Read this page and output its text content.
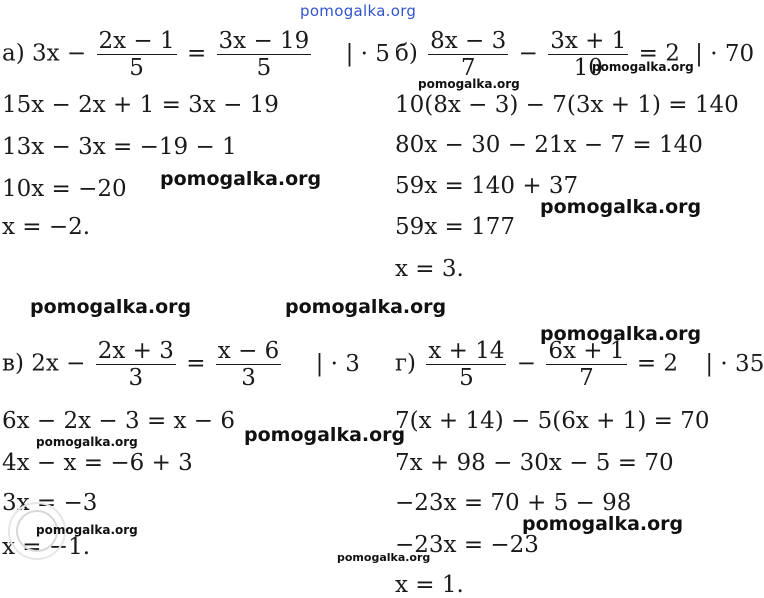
pomogalka.org
а) $3x - \frac{2x - 1}{5} = \frac{3x - 19}{5}$ | · 5
15x − 2x + 1 = 3x − 19
13x − 3x = −19 − 1
10x = −20
x = −2.
$б) \frac{8x - 3}{7} - \frac{3x + 1}{10} = 2$ | · 70
10(8x − 3) − 7(3x + 1) = 140
80x − 30 − 21x − 7 = 140
59x = 140 + 37
59x = 177
x = 3.
в) $2x - \frac{2x + 3}{3} = \frac{x - 6}{3}$ | · 3
6x − 2x − 3 = x − 6
4x − x = −6 + 3
3x = −3
x = −1.
$г) \frac{x + 14}{5} - \frac{6x + 1}{7} = 2$ | · 35
7(x + 14) − 5(6x + 1) = 70
7x + 98 − 30x − 5 = 70
−23x = 70 + 5 − 98
−23x = −23
x = 1.
pomogalka.org
pomogalka.org
pomogalka.org
pomogalka.org
pomogalka.org	pomogalka.org
pomogalka.org
pomogalka.org
pomogalka.org
pomogalka.org
pomogalka.org
pomogalka.org
